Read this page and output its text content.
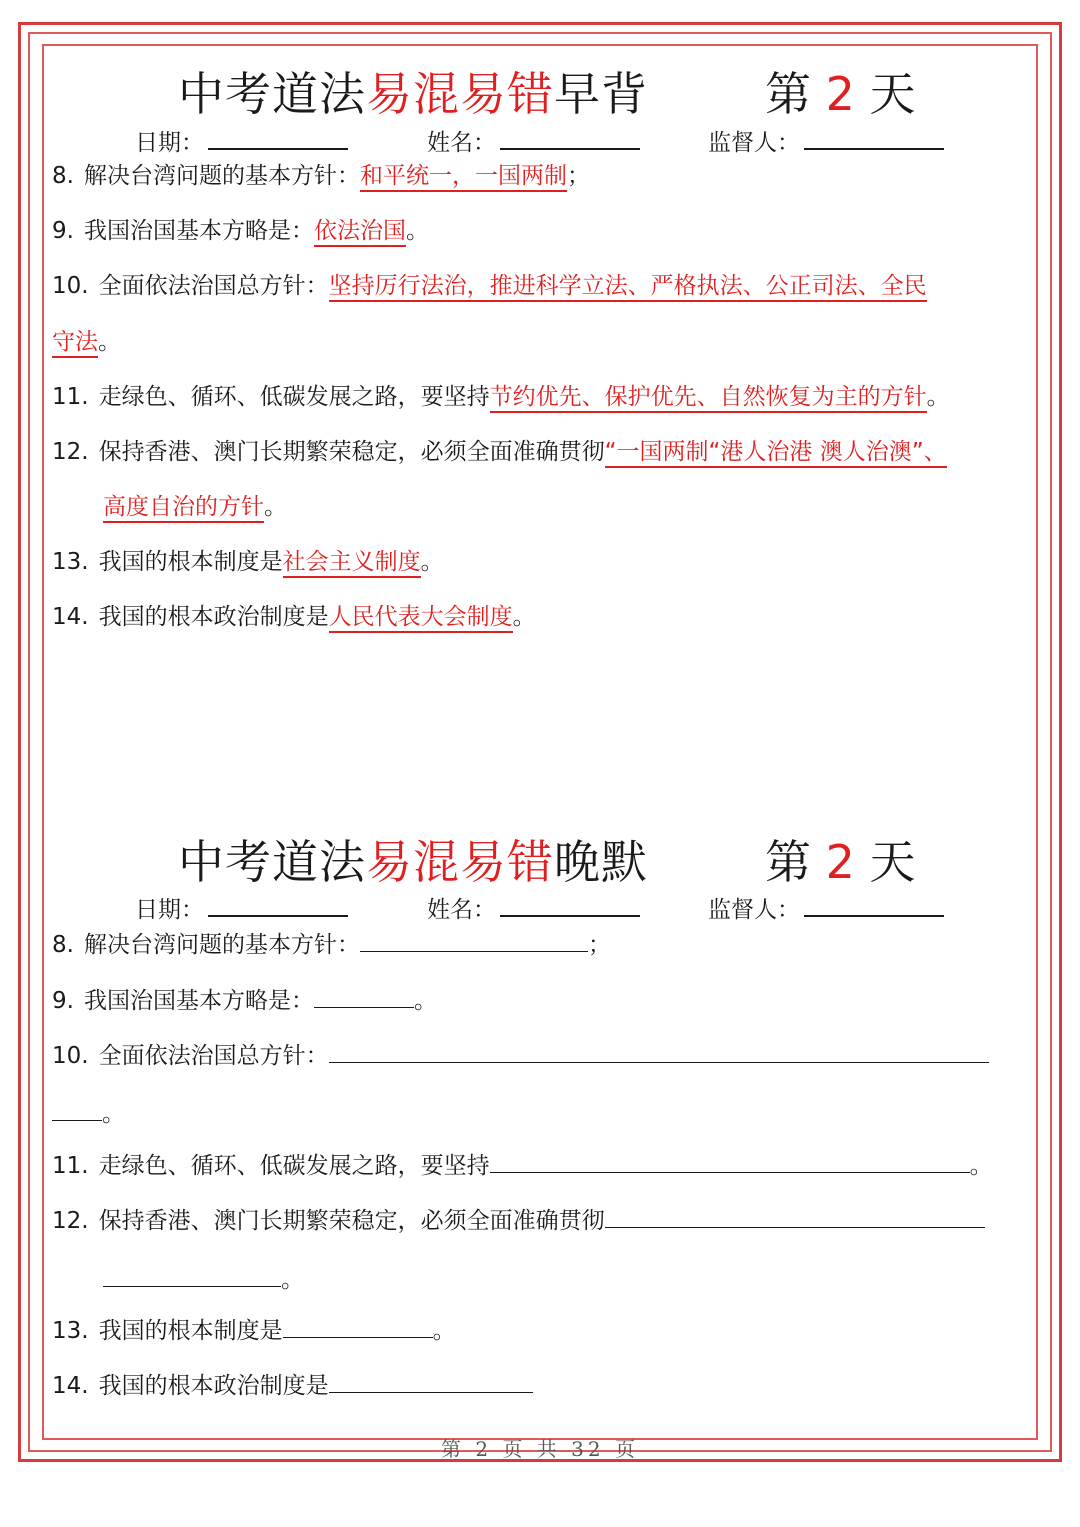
中考道法易混易错早背	第 2 天
日期：	姓名：	监督人：
8. 解决台湾问题的基本方针：和平统一，一国两制；
9. 我国治国基本方略是：依法治国。
10. 全面依法治国总方针：坚持厉行法治，推进科学立法、严格执法、公正司法、全民
守法。
11. 走绿色、循环、低碳发展之路，要坚持节约优先、保护优先、自然恢复为主的方针。
12. 保持香港、澳门长期繁荣稳定，必须全面准确贯彻“一国两制“港人治港 澳人治澳”、
高度自治的方针。
13. 我国的根本制度是社会主义制度。
14. 我国的根本政治制度是人民代表大会制度。
中考道法易混易错晚默	第 2 天
日期：	姓名：	监督人：
8. 解决台湾问题的基本方针：	；
9. 我国治国基本方略是：	。
10. 全面依法治国总方针：
。
11. 走绿色、循环、低碳发展之路，要坚持	。
12. 保持香港、澳门长期繁荣稳定，必须全面准确贯彻
。
13. 我国的根本制度是	。
14. 我国的根本政治制度是
第 2 页 共 32 页
